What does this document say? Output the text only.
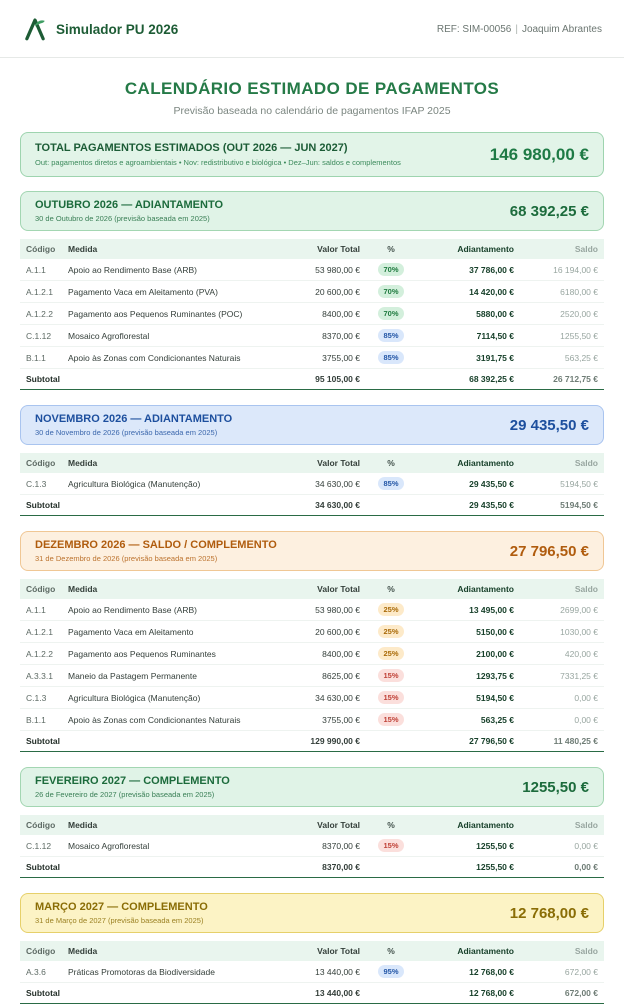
Simulador PU 2026	REF: SIM-00056 | Joaquim Abrantes
CALENDÁRIO ESTIMADO DE PAGAMENTOS
Previsão baseada no calendário de pagamentos IFAP 2025
TOTAL PAGAMENTOS ESTIMADOS (OUT 2026 — JUN 2027)
Out: pagamentos diretos e agroambientais • Nov: redistributivo e biológica • Dez–Jun: saldos e complementos	146 980,00 €
OUTUBRO 2026 — ADIANTAMENTO
30 de Outubro de 2026 (previsão baseada em 2025)	68 392,25 €
Código	Medida	Valor Total	%	Adiantamento	Saldo
A.1.1	Apoio ao Rendimento Base (ARB)	53 980,00 €	70%	37 786,00 €	16 194,00 €
A.1.2.1	Pagamento Vaca em Aleitamento (PVA)	20 600,00 €	70%	14 420,00 €	6180,00 €
A.1.2.2	Pagamento aos Pequenos Ruminantes (POC)	8400,00 €	70%	5880,00 €	2520,00 €
C.1.12	Mosaico Agroflorestal	8370,00 €	85%	7114,50 €	1255,50 €
B.1.1	Apoio às Zonas com Condicionantes Naturais	3755,00 €	85%	3191,75 €	563,25 €
Subtotal		95 105,00 €		68 392,25 €	26 712,75 €
NOVEMBRO 2026 — ADIANTAMENTO
30 de Novembro de 2026 (previsão baseada em 2025)	29 435,50 €
Código	Medida	Valor Total	%	Adiantamento	Saldo
C.1.3	Agricultura Biológica (Manutenção)	34 630,00 €	85%	29 435,50 €	5194,50 €
Subtotal		34 630,00 €		29 435,50 €	5194,50 €
DEZEMBRO 2026 — SALDO / COMPLEMENTO
31 de Dezembro de 2026 (previsão baseada em 2025)	27 796,50 €
Código	Medida	Valor Total	%	Adiantamento	Saldo
A.1.1	Apoio ao Rendimento Base (ARB)	53 980,00 €	25%	13 495,00 €	2699,00 €
A.1.2.1	Pagamento Vaca em Aleitamento	20 600,00 €	25%	5150,00 €	1030,00 €
A.1.2.2	Pagamento aos Pequenos Ruminantes	8400,00 €	25%	2100,00 €	420,00 €
A.3.3.1	Maneio da Pastagem Permanente	8625,00 €	15%	1293,75 €	7331,25 €
C.1.3	Agricultura Biológica (Manutenção)	34 630,00 €	15%	5194,50 €	0,00 €
B.1.1	Apoio às Zonas com Condicionantes Naturais	3755,00 €	15%	563,25 €	0,00 €
Subtotal		129 990,00 €		27 796,50 €	11 480,25 €
FEVEREIRO 2027 — COMPLEMENTO
26 de Fevereiro de 2027 (previsão baseada em 2025)	1255,50 €
Código	Medida	Valor Total	%	Adiantamento	Saldo
C.1.12	Mosaico Agroflorestal	8370,00 €	15%	1255,50 €	0,00 €
Subtotal		8370,00 €		1255,50 €	0,00 €
MARÇO 2027 — COMPLEMENTO
31 de Março de 2027 (previsão baseada em 2025)	12 768,00 €
Código	Medida	Valor Total	%	Adiantamento	Saldo
A.3.6	Práticas Promotoras da Biodiversidade	13 440,00 €	95%	12 768,00 €	672,00 €
Subtotal		13 440,00 €		12 768,00 €	672,00 €
